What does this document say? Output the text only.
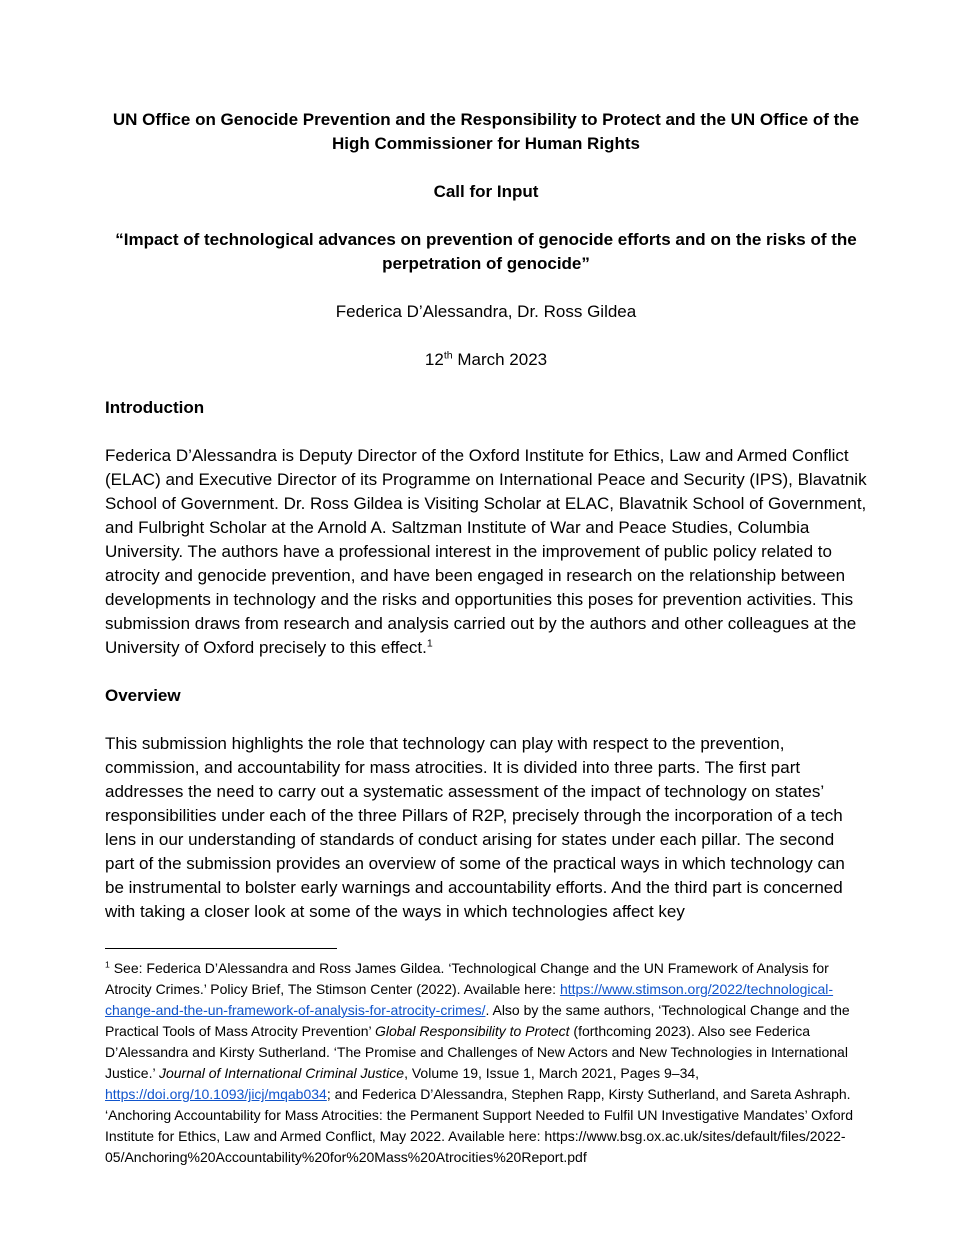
UN Office on Genocide Prevention and the Responsibility to Protect and the UN Office of the High Commissioner for Human Rights
Call for Input
“Impact of technological advances on prevention of genocide efforts and on the risks of the perpetration of genocide”
Federica D’Alessandra, Dr. Ross Gildea
12th March 2023
Introduction

Federica D’Alessandra is Deputy Director of the Oxford Institute for Ethics, Law and Armed Conflict (ELAC) and Executive Director of its Programme on International Peace and Security (IPS), Blavatnik School of Government. Dr. Ross Gildea is Visiting Scholar at ELAC, Blavatnik School of Government, and Fulbright Scholar at the Arnold A. Saltzman Institute of War and Peace Studies, Columbia University. The authors have a professional interest in the improvement of public policy related to atrocity and genocide prevention, and have been engaged in research on the relationship between developments in technology and the risks and opportunities this poses for prevention activities. This submission draws from research and analysis carried out by the authors and other colleagues at the University of Oxford precisely to this effect.$^1$

Overview

This submission highlights the role that technology can play with respect to the prevention, commission, and accountability for mass atrocities. It is divided into three parts. The first part addresses the need to carry out a systematic assessment of the impact of technology on states’ responsibilities under each of the three Pillars of R2P, precisely through the incorporation of a tech lens in our understanding of standards of conduct arising for states under each pillar. The second part of the submission provides an overview of some of the practical ways in which technology can be instrumental to bolster early warnings and accountability efforts. And the third part is concerned with taking a closer look at some of the ways in which technologies affect key

$^1$ See: Federica D’Alessandra and Ross James Gildea. ‘Technological Change and the UN Framework of Analysis for Atrocity Crimes.’ Policy Brief, The Stimson Center (2022). Available here: https://www.stimson.org/2022/technological-change-and-the-un-framework-of-analysis-for-atrocity-crimes/. Also by the same authors, ‘Technological Change and the Practical Tools of Mass Atrocity Prevention’ Global Responsibility to Protect (forthcoming 2023). Also see Federica D’Alessandra and Kirsty Sutherland. ‘The Promise and Challenges of New Actors and New Technologies in International Justice.’ Journal of International Criminal Justice, Volume 19, Issue 1, March 2021, Pages 9–34, https://doi.org/10.1093/jicj/mqab034; and Federica D’Alessandra, Stephen Rapp, Kirsty Sutherland, and Sareta Ashraph. ‘Anchoring Accountability for Mass Atrocities: the Permanent Support Needed to Fulfil UN Investigative Mandates’ Oxford Institute for Ethics, Law and Armed Conflict, May 2022. Available here: https://www.bsg.ox.ac.uk/sites/default/files/2022-05/Anchoring%20Accountability%20for%20Mass%20Atrocities%20Report.pdf
